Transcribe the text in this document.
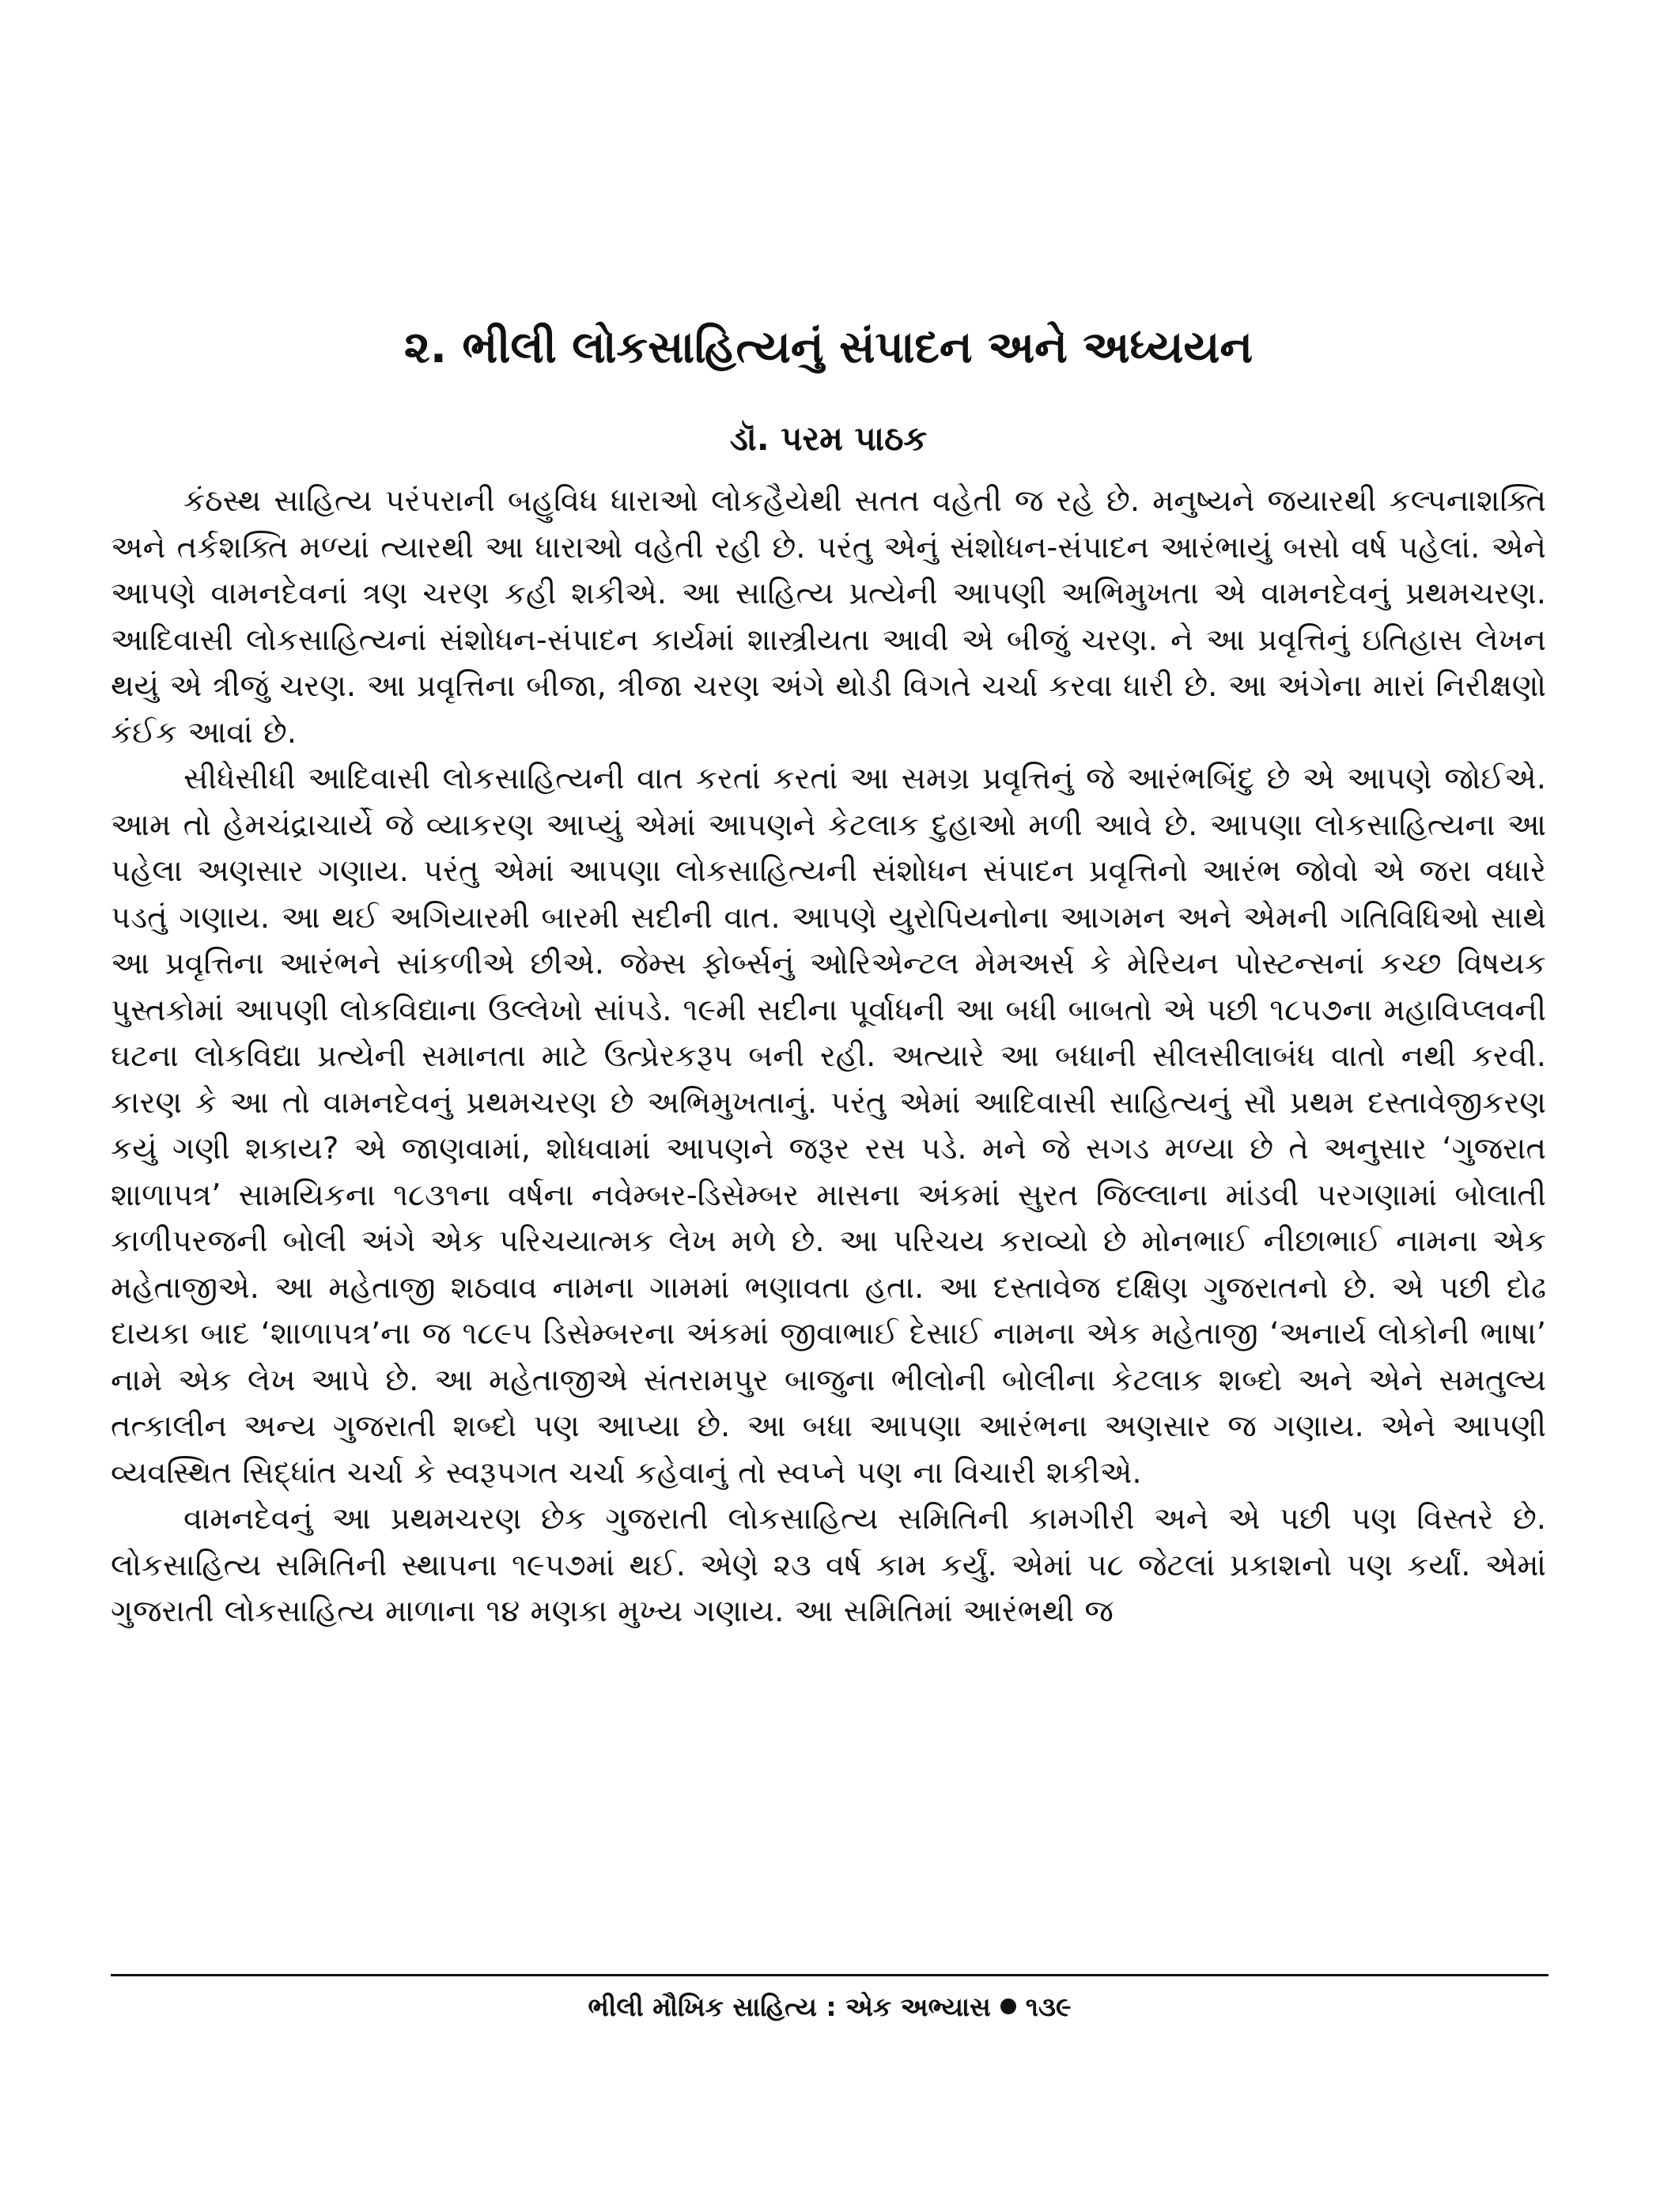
૨. ભીલી લોકસાહિત્યનું સંપાદન અને અધ્યયન
ડૉ. પરમ પાઠક

કંઠસ્થ સાહિત્ય પરંપરાની બહુવિધ ધારાઓ લોકહૈયેથી સતત વહેતી જ રહે છે. મનુષ્યને જયારથી કલ્પનાશક્તિ અને તર્કશક્તિ મળ્યાં ત્યારથી આ ધારાઓ વહેતી રહી છે. પરંતુ એનું સંશોધન-સંપાદન આરંભાયું બસો વર્ષ પહેલાં. એને આપણે વામનદેવનાં ત્રણ ચરણ કહી શકીએ. આ સાહિત્ય પ્રત્યેની આપણી અભિમુખતા એ વામનદેવનું પ્રથમચરણ. આદિવાસી લોકસાહિત્યનાં સંશોધન-સંપાદન કાર્યમાં શાસ્ત્રીયતા આવી એ બીજું ચરણ. ને આ પ્રવૃત્તિનું ઇતિહાસ લેખન થયું એ ત્રીજું ચરણ. આ પ્રવૃત્તિના બીજા, ત્રીજા ચરણ અંગે થોડી વિગતે ચર્ચા કરવા ધારી છે. આ અંગેના મારાં નિરીક્ષણો કંઈક આવાં છે.

સીધેસીધી આદિવાસી લોકસાહિત્યની વાત કરતાં કરતાં આ સમગ્ર પ્રવૃત્તિનું જે આરંભબિંદુ છે એ આપણે જોઈએ. આમ તો હેમચંદ્રાચાર્યે જે વ્યાકરણ આપ્યું એમાં આપણને કેટલાક દુહાઓ મળી આવે છે. આપણા લોકસાહિત્યના આ પહેલા અણસાર ગણાય. પરંતુ એમાં આપણા લોકસાહિત્યની સંશોધન સંપાદન પ્રવૃત્તિનો આરંભ જોવો એ જરા વધારે પડતું ગણાય. આ થઈ અગિયારમી બારમી સદીની વાત. આપણે યુરોપિયનોના આગમન અને એમની ગતિવિધિઓ સાથે આ પ્રવૃત્તિના આરંભને સાંકળીએ છીએ. જેમ્સ ફોર્બ્સનું ઓરિએન્ટલ મેમઅર્સ કે મેરિયન પોસ્ટન્સનાં કચ્છ વિષયક પુસ્તકોમાં આપણી લોકવિદ્યાના ઉલ્લેખો સાંપડે. ૧૯મી સદીના પૂર્વાધની આ બધી બાબતો એ પછી ૧૮૫૭ના મહાવિપ્લવની ઘટના લોકવિદ્યા પ્રત્યેની સમાનતા માટે ઉત્પ્રેરકરૂપ બની રહી. અત્યારે આ બધાની સીલસીલાબંધ વાતો નથી કરવી. કારણ કે આ તો વામનદેવનું પ્રથમચરણ છે અભિમુખતાનું. પરંતુ એમાં આદિવાસી સાહિત્યનું સૌ પ્રથમ દસ્તાવેજીકરણ કયું ગણી શકાય? એ જાણવામાં, શોધવામાં આપણને જરૂર રસ પડે. મને જે સગડ મળ્યા છે તે અનુસાર ‘ગુજરાત શાળાપત્ર’ સામયિકના ૧૮૩૧ના વર્ષના નવેમ્બર-ડિસેમ્બર માસના અંકમાં સુરત જિલ્લાના માંડવી પરગણામાં બોલાતી કાળીપરજની બોલી અંગે એક પરિચયાત્મક લેખ મળે છે. આ પરિચય કરાવ્યો છે મોનભાઈ નીછાભાઈ નામના એક મહેતાજીએ. આ મહેતાજી શઠવાવ નામના ગામમાં ભણાવતા હતા. આ દસ્તાવેજ દક્ષિણ ગુજરાતનો છે. એ પછી દોઢ દાયકા બાદ ‘શાળાપત્ર’ના જ ૧૮૯૫ ડિસેમ્બરના અંકમાં જીવાભાઈ દેસાઈ નામના એક મહેતાજી ‘અનાર્ય લોકોની ભાષા’ નામે એક લેખ આપે છે. આ મહેતાજીએ સંતરામપુર બાજુના ભીલોની બોલીના કેટલાક શબ્દો અને એને સમતુલ્ય તત્કાલીન અન્ય ગુજરાતી શબ્દો પણ આપ્યા છે. આ બધા આપણા આરંભના અણસાર જ ગણાય. એને આપણી વ્યવસ્થિત સિદ્ધાંત ચર્ચા કે સ્વરૂપગત ચર્ચા કહેવાનું તો સ્વપ્ને પણ ના વિચારી શકીએ.

વામનદેવનું આ પ્રથમચરણ છેક ગુજરાતી લોકસાહિત્ય સમિતિની કામગીરી અને એ પછી પણ વિસ્તરે છે. લોકસાહિત્ય સમિતિની સ્થાપના ૧૯૫૭માં થઈ. એણે ૨૩ વર્ષ કામ કર્યું. એમાં ૫૮ જેટલાં પ્રકાશનો પણ કર્યાં. એમાં ગુજરાતી લોકસાહિત્ય માળાના ૧૪ મણકા મુખ્ય ગણાય. આ સમિતિમાં આરંભથી જ

ભીલી મૌખિક સાહિત્ય : એક અભ્યાસ ૧૩૯
